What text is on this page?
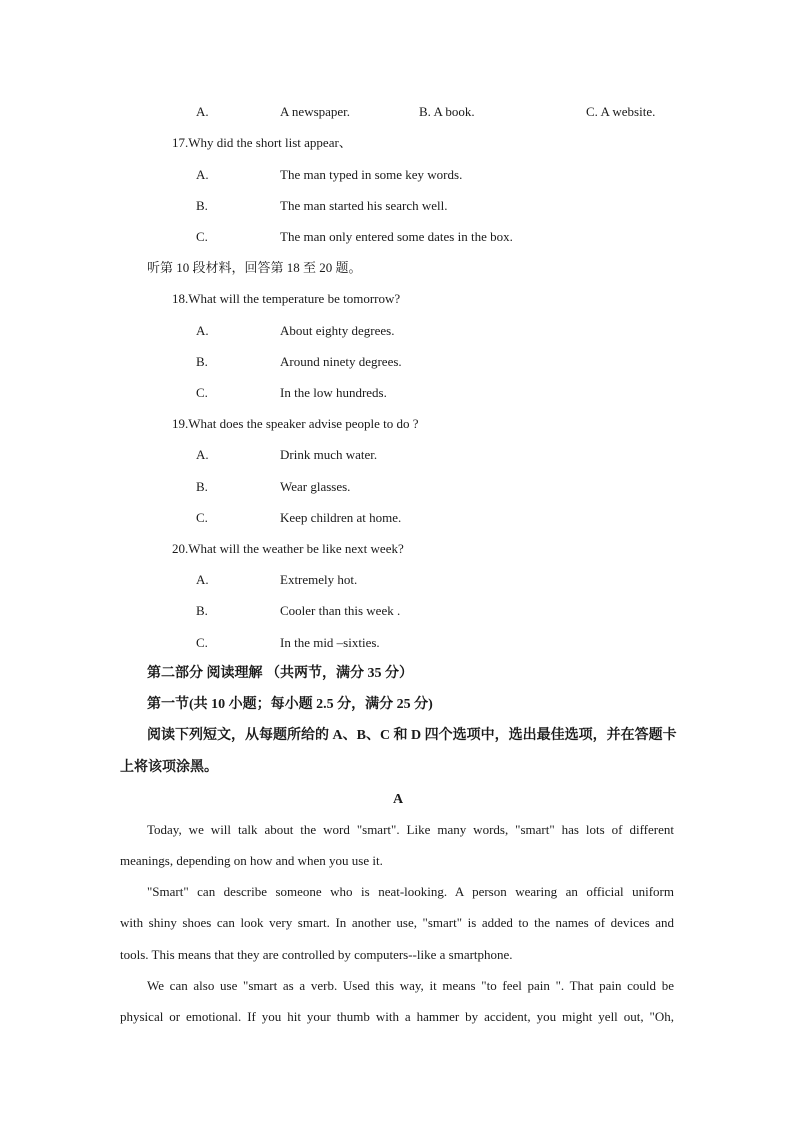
A.	A newspaper.	B. A book.	C. A website.
17.Why did the short list appear、
A.	The man typed in some key words.
B.	The man started his search well.
C.	The man only entered some dates in the box.
听第 10 段材料，回答第 18 至 20 题。
18.What will the temperature be tomorrow?
A.	About eighty degrees.
B.	Around ninety degrees.
C.	In the low hundreds.
19.What does the speaker advise people to do ?
A.	Drink much water.
B.	Wear glasses.
C.	Keep children at home.
20.What will the weather be like next week?
A.	Extremely hot.
B.	Cooler than this week .
C.	In the mid –sixties.
第二部分 阅读理解 （共两节，满分 35 分）
第一节(共 10 小题；每小题 2.5 分，满分 25 分)
阅读下列短文，从每题所给的 A、B、C 和 D 四个选项中，选出最佳选项，并在答题卡
上将该项涂黑。
A
Today, we will talk about the word "smart". Like many words, "smart" has lots of different
meanings, depending on how and when you use it.
"Smart" can describe someone who is neat-looking. A person wearing an official uniform
with shiny shoes can look very smart. In another use, "smart" is added to the names of devices and
tools. This means that they are controlled by computers--like a smartphone.
We can also use "smart as a verb. Used this way, it means "to feel pain ". That pain could be
physical or emotional. If you hit your thumb with a hammer by accident, you might yell out, "Oh,
